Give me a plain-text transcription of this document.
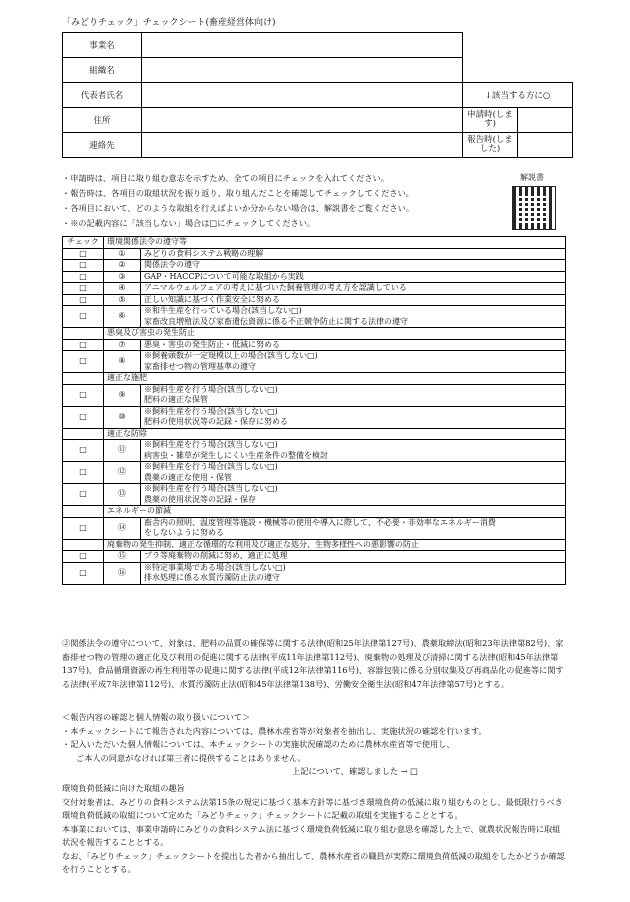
「みどりチェック」チェックシート(畜産経営体向け)
事業名			
組織名			
代表者氏名		↓該当する方に○	
住所		申請時(します)	
連絡先		報告時(しました)	
・申請時は、項目に取り組む意志を示すため、全ての項目にチェックを入れてください。
・報告時は、各項目の取組状況を振り返り、取り組んだことを確認してチェックしてください。
・各項目において、どのような取組を行えばよいか分からない場合は、解説書をご覧ください。
・※の記載内容に「該当しない」場合は□にチェックしてください。
解説書
チェック	環境関係法令の遵守等	
□	①	みどりの食料システム戦略の理解
□	②	関係法令の遵守
□	③	GAP・HACCPについて可能な取組から実践
□	④	アニマルウェルフェアの考えに基づいた飼養管理の考え方を認識している
□	⑤	正しい知識に基づく作業安全に努める
□	⑥	※和牛生産を行っている場合(該当しない□)
		家畜改良増殖法及び家畜遺伝資源に係る不正競争防止に関する法律の遵守
	悪臭及び害虫の発生防止	
□	⑦	悪臭・害虫の発生防止・低減に努める
□	⑧	※飼養頭数が一定規模以上の場合(該当しない□)
		家畜排せつ物の管理基準の遵守
	適正な施肥	
□	⑨	※飼料生産を行う場合(該当しない□)
		肥料の適正な保管
□	⑩	※飼料生産を行う場合(該当しない□)
		肥料の使用状況等の記録・保存に努める
	適正な防除	
□	⑪	※飼料生産を行う場合(該当しない□)
		病害虫・雑草が発生しにくい生産条件の整備を検討
□	⑫	※飼料生産を行う場合(該当しない□)
		農薬の適正な使用・保管
□	⑬	※飼料生産を行う場合(該当しない□)
		農薬の使用状況等の記録・保存
	エネルギーの節減	
□	⑭	畜舎内の照明、温度管理等施設・機械等の使用や導入に際して、不必要・非効率なエネルギー消費
		をしないように努める
	廃棄物の発生抑制、適正な循環的な利用及び適正な処分、生物多様性への悪影響の防止	
□	⑮	プラ等廃棄物の削減に努め、適正に処理
□	⑯	※特定事業場である場合(該当しない□)
		排水処理に係る水質汚濁防止法の遵守
②関係法令の遵守について、対象は、肥料の品質の確保等に関する法律(昭和25年法律第127号)、農薬取締法(昭和23年法律第82号)、家畜排せつ物の管理の適正化及び利用の促進に関する法律(平成11年法律第112号)、廃棄物の処理及び清掃に関する法律(昭和45年法律第137号)、食品循環資源の再生利用等の促進に関する法律(平成12年法律第116号)、容器包装に係る分別収集及び再商品化の促進等に関する法律(平成7年法律第112号)、水質汚濁防止法(昭和45年法律第138号)、労働安全衛生法(昭和47年法律第57号)とする。
＜報告内容の確認と個人情報の取り扱いについて＞
・本チェックシートにて報告された内容については、農林水産省等が対象者を抽出し、実施状況の確認を行います。
・記入いただいた個人情報については、本チェックシートの実施状況確認のために農林水産省等で使用し、
ご本人の同意がなければ第三者に提供することはありません。
上記について、確認しました → □
環境負荷低減に向けた取組の趣旨
交付対象者は、みどりの食料システム法第15条の規定に基づく基本方針等に基づき環境負荷の低減に取り組むものとし、最低限行うべき環境負荷低減の取組について定めた「みどりチェック」チェックシートに記載の取組を実施することとする。
本事業においては、事業申請時にみどりの食料システム法に基づく環境負荷低減に取り組む意思を確認した上で、就農状況報告時に取組状況を報告することとする。
なお、「みどりチェック」チェックシートを提出した者から抽出して、農林水産省の職員が実際に環境負荷低減の取組をしたかどうか確認を行うこととする。
